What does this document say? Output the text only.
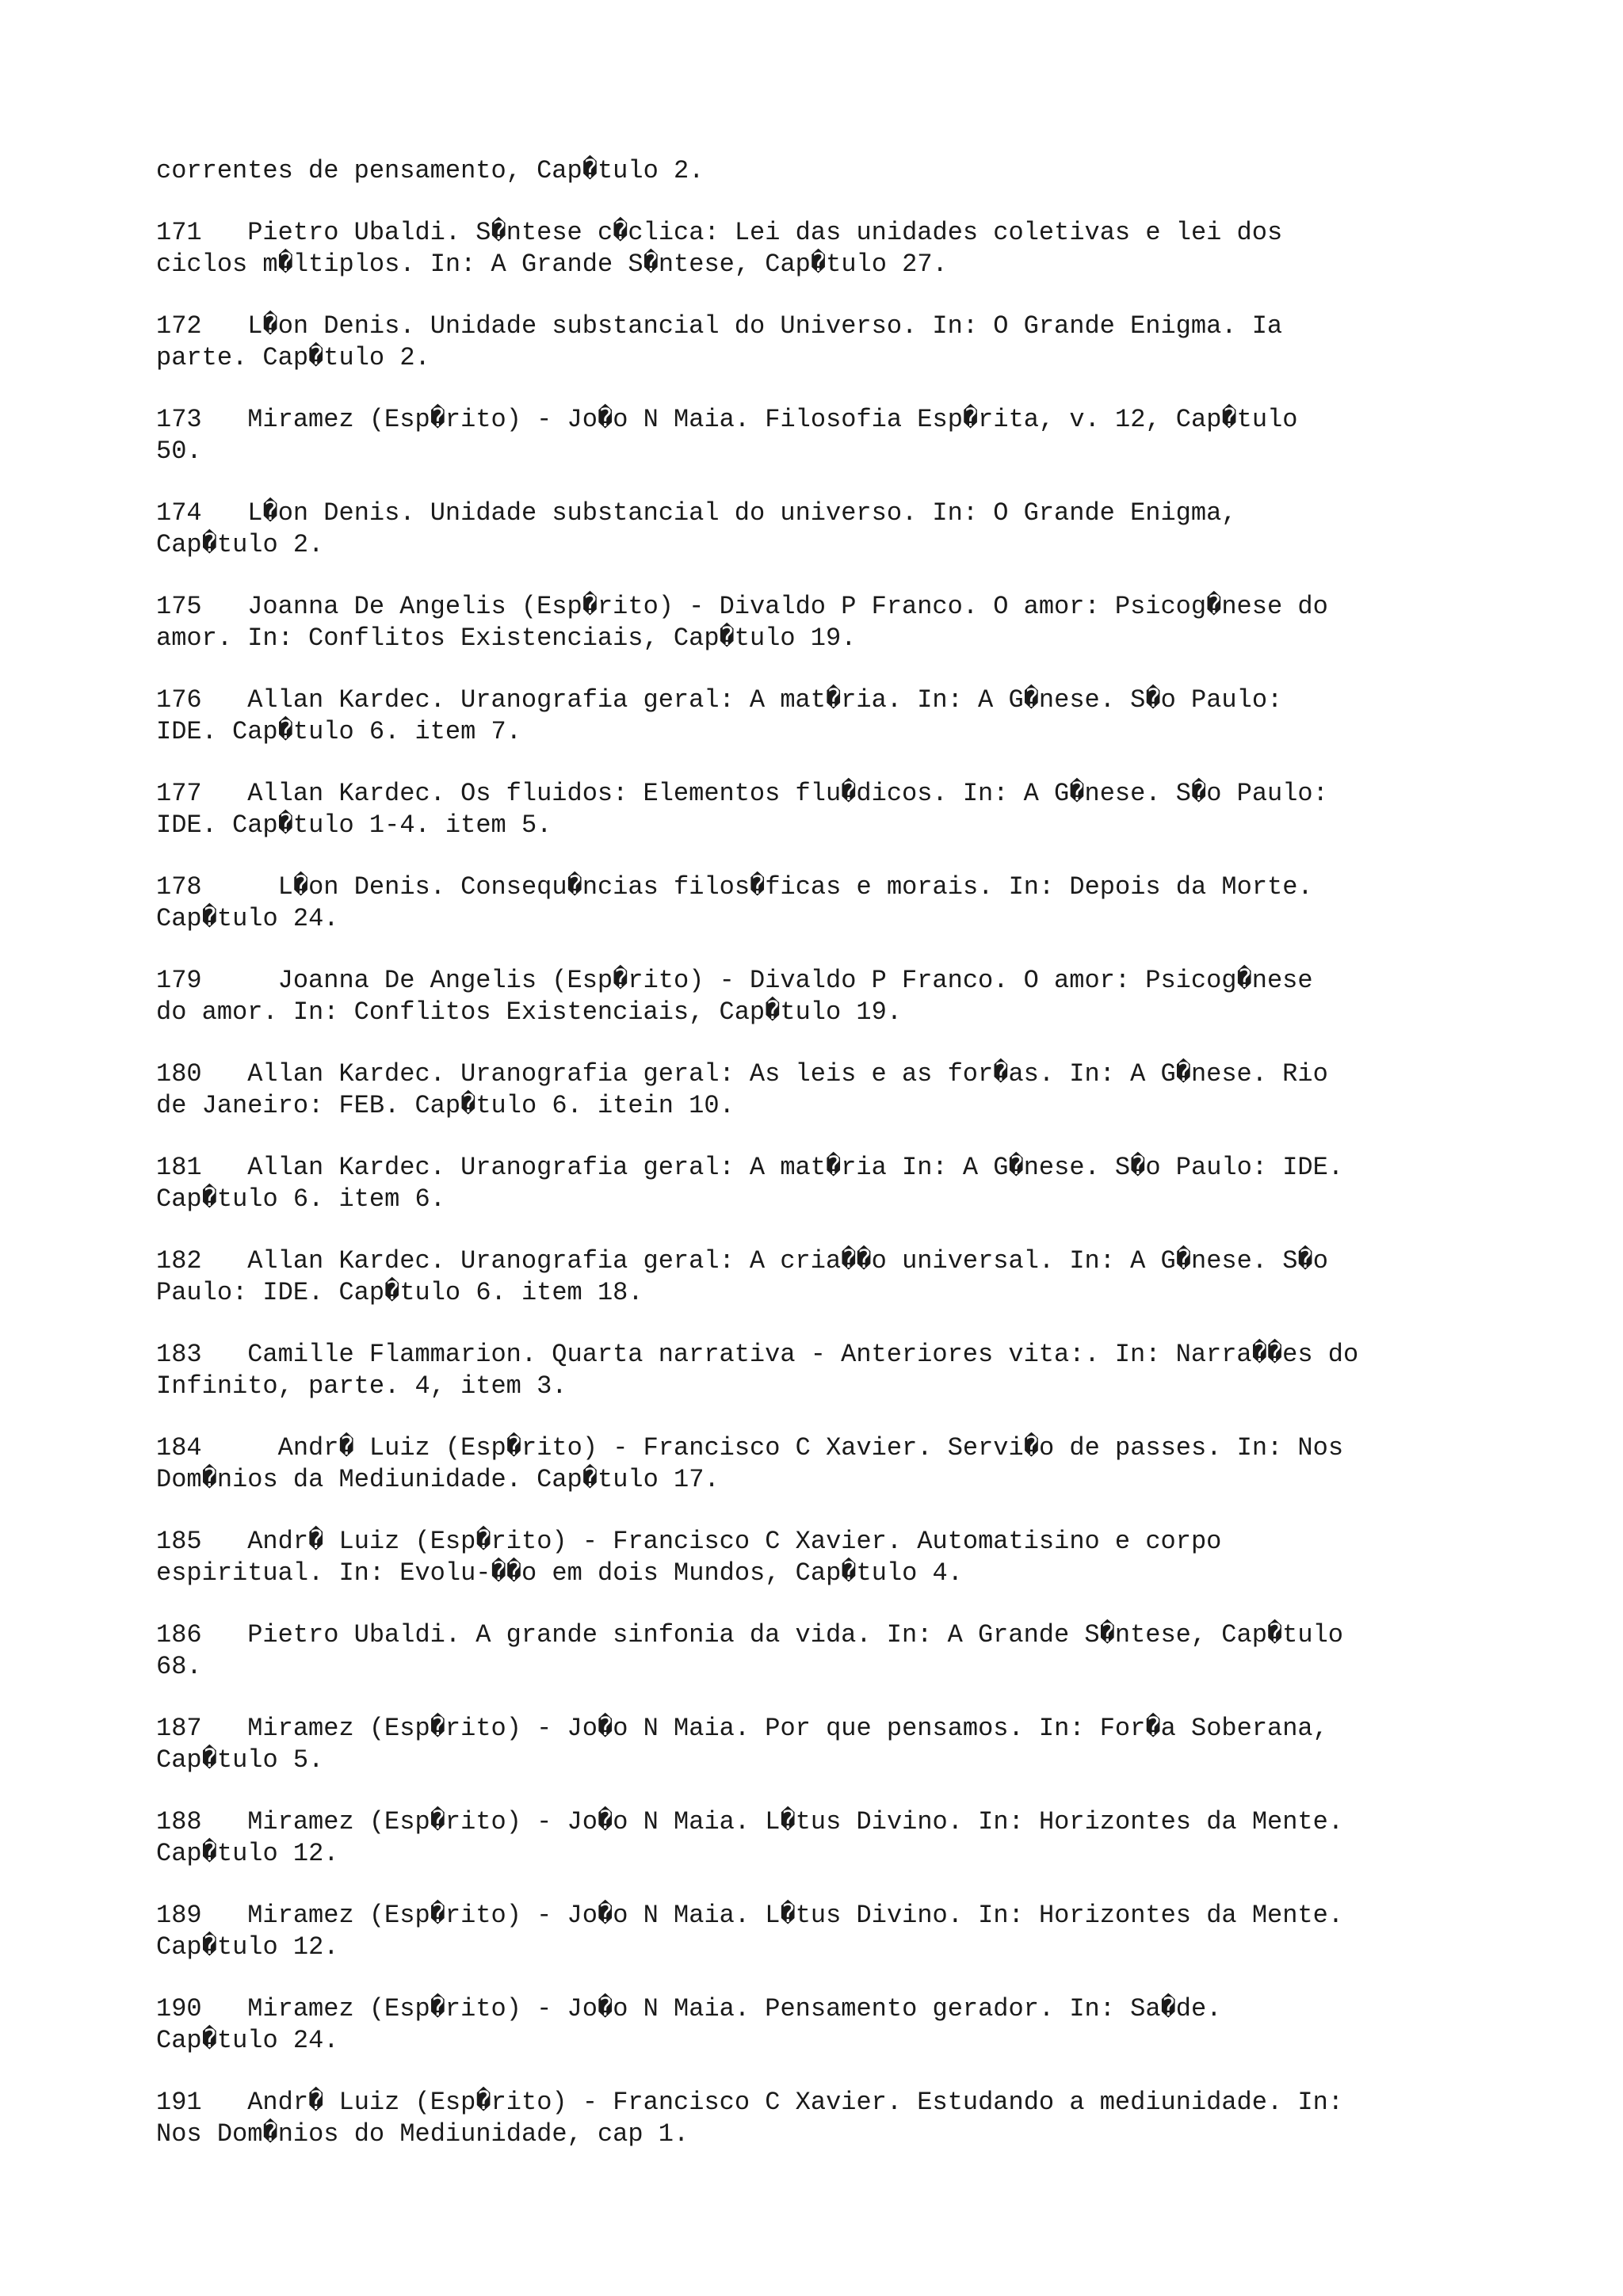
correntes de pensamento, Cap�tulo 2.
171   Pietro Ubaldi. S�ntese c�clica: Lei das unidades coletivas e lei dos
ciclos m�ltiplos. In: A Grande S�ntese, Cap�tulo 27.
172   L�on Denis. Unidade substancial do Universo. In: O Grande Enigma. Ia
parte. Cap�tulo 2.
173   Miramez (Esp�rito) - Jo�o N Maia. Filosofia Esp�rita, v. 12, Cap�tulo
50.
174   L�on Denis. Unidade substancial do universo. In: O Grande Enigma,
Cap�tulo 2.
175   Joanna De Angelis (Esp�rito) - Divaldo P Franco. O amor: Psicog�nese do
amor. In: Conflitos Existenciais, Cap�tulo 19.
176   Allan Kardec. Uranografia geral: A mat�ria. In: A G�nese. S�o Paulo:
IDE. Cap�tulo 6. item 7.
177   Allan Kardec. Os fluidos: Elementos flu�dicos. In: A G�nese. S�o Paulo:
IDE. Cap�tulo 1-4. item 5.
178     L�on Denis. Consequ�ncias filos�ficas e morais. In: Depois da Morte.
Cap�tulo 24.
179     Joanna De Angelis (Esp�rito) - Divaldo P Franco. O amor: Psicog�nese
do amor. In: Conflitos Existenciais, Cap�tulo 19.
180   Allan Kardec. Uranografia geral: As leis e as for�as. In: A G�nese. Rio
de Janeiro: FEB. Cap�tulo 6. itein 10.
181   Allan Kardec. Uranografia geral: A mat�ria In: A G�nese. S�o Paulo: IDE.
Cap�tulo 6. item 6.
182   Allan Kardec. Uranografia geral: A cria��o universal. In: A G�nese. S�o
Paulo: IDE. Cap�tulo 6. item 18.
183   Camille Flammarion. Quarta narrativa - Anteriores vita:. In: Narra��es do
Infinito, parte. 4, item 3.
184     Andr� Luiz (Esp�rito) - Francisco C Xavier. Servi�o de passes. In: Nos
Dom�nios da Mediunidade. Cap�tulo 17.
185   Andr� Luiz (Esp�rito) - Francisco C Xavier. Automatisino e corpo
espiritual. In: Evolu-��o em dois Mundos, Cap�tulo 4.
186   Pietro Ubaldi. A grande sinfonia da vida. In: A Grande S�ntese, Cap�tulo
68.
187   Miramez (Esp�rito) - Jo�o N Maia. Por que pensamos. In: For�a Soberana,
Cap�tulo 5.
188   Miramez (Esp�rito) - Jo�o N Maia. L�tus Divino. In: Horizontes da Mente.
Cap�tulo 12.
189   Miramez (Esp�rito) - Jo�o N Maia. L�tus Divino. In: Horizontes da Mente.
Cap�tulo 12.
190   Miramez (Esp�rito) - Jo�o N Maia. Pensamento gerador. In: Sa�de.
Cap�tulo 24.
191   Andr� Luiz (Esp�rito) - Francisco C Xavier. Estudando a mediunidade. In:
Nos Dom�nios do Mediunidade, cap 1.
